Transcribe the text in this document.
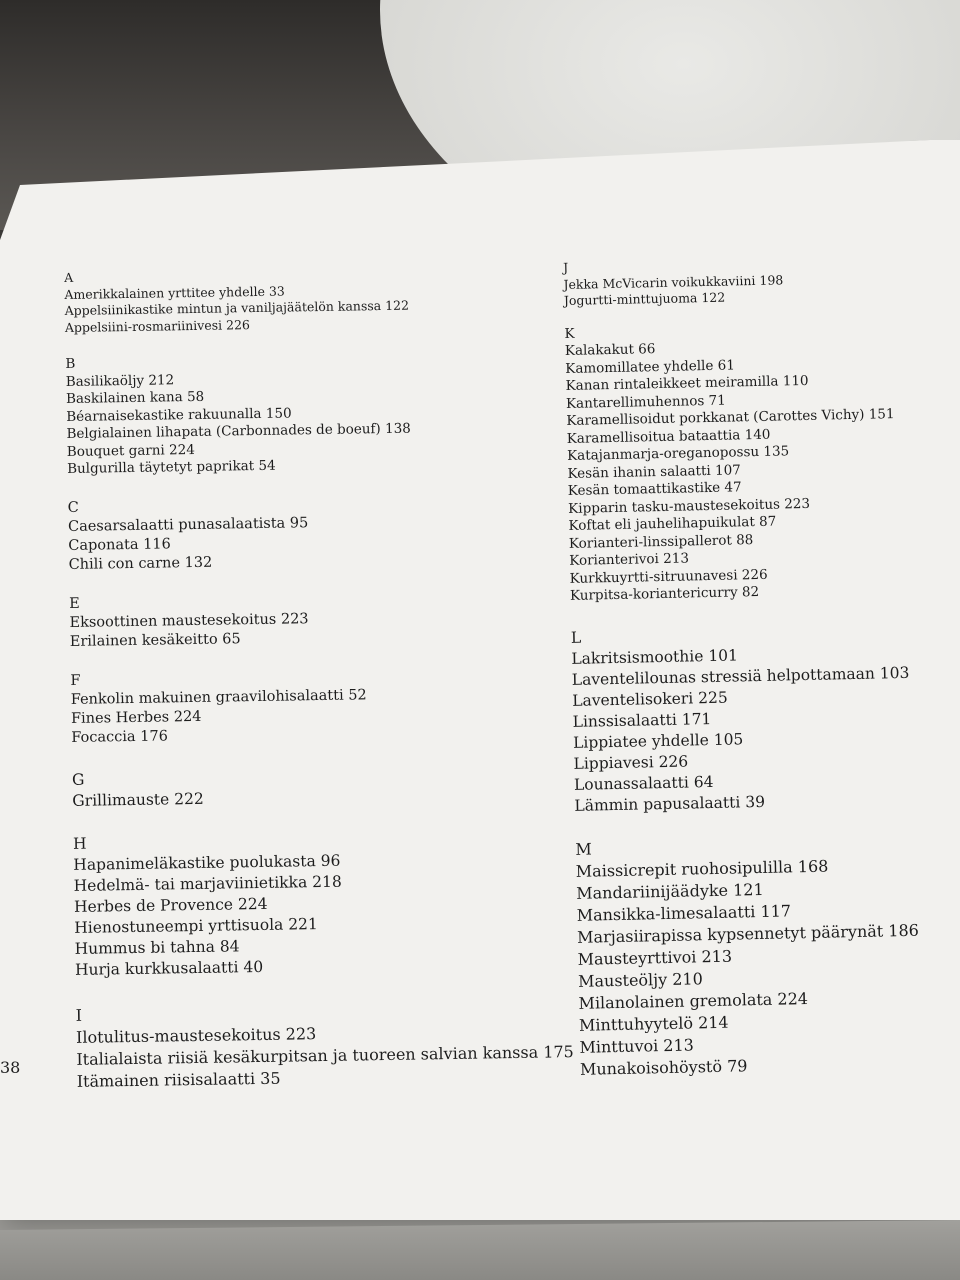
A
Amerikkalainen yrttitee yhdelle 33
Appelsiinikastike mintun ja vaniljajäätelön kanssa 122
Appelsiini-rosmariinivesi 226
B
Basilikaöljy 212
Baskilainen kana 58
Béarnaisekastike rakuunalla 150
Belgialainen lihapata (Carbonnades de boeuf) 138
Bouquet garni 224
Bulgurilla täytetyt paprikat 54
C
Caesarsalaatti punasalaatista 95
Caponata 116
Chili con carne 132
E
Eksoottinen maustesekoitus 223
Erilainen kesäkeitto 65
F
Fenkolin makuinen graavilohisalaatti 52
Fines Herbes 224
Focaccia 176
G
Grillimauste 222
H
Hapanimeläkastike puolukasta 96
Hedelmä- tai marjaviinietikka 218
Herbes de Provence 224
Hienostuneempi yrttisuola 221
Hummus bi tahna 84
Hurja kurkkusalaatti 40
I
Ilotulitus-maustesekoitus 223
Italialaista riisiä kesäkurpitsan ja tuoreen salvian kanssa 175
Itämainen riisisalaatti 35
J
Jekka McVicarin voikukkaviini 198
Jogurtti-minttujuoma 122
K
Kalakakut 66
Kamomillatee yhdelle 61
Kanan rintaleikkeet meiramilla 110
Kantarellimuhennos 71
Karamellisoidut porkkanat (Carottes Vichy) 151
Karamellisoitua bataattia 140
Katajanmarja-oreganopossu 135
Kesän ihanin salaatti 107
Kesän tomaattikastike 47
Kipparin tasku-maustesekoitus 223
Koftat eli jauhelihapuikulat 87
Korianteri-linssipallerot 88
Korianterivoi 213
Kurkkuyrtti-sitruunavesi 226
Kurpitsa-koriantericurry 82
L
Lakritsismoothie 101
Laventelilounas stressiä helpottamaan 103
Laventelisokeri 225
Linssisalaatti 171
Lippiatee yhdelle 105
Lippiavesi 226
Lounassalaatti 64
Lämmin papusalaatti 39
M
Maissicrepit ruohosipulilla 168
Mandariinijäädyke 121
Mansikka-limesalaatti 117
Marjasiirapissa kypsennetyt päärynät 186
Mausteyrttivoi 213
Mausteöljy 210
Milanolainen gremolata 224
Minttuhyytelö 214
Minttuvoi 213
Munakoisohöystö 79
38
